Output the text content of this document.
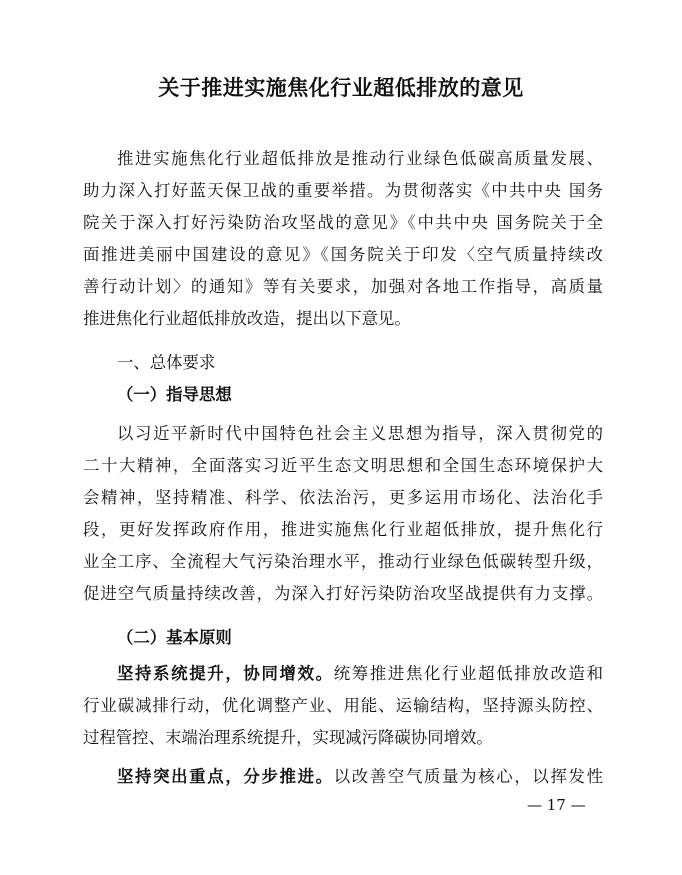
关于推进实施焦化行业超低排放的意见
推进实施焦化行业超低排放是推动行业绿色低碳高质量发展、
助力深入打好蓝天保卫战的重要举措。为贯彻落实《中共中央 国务
院关于深入打好污染防治攻坚战的意见》《中共中央 国务院关于全
面推进美丽中国建设的意见》《国务院关于印发〈空气质量持续改
善行动计划〉的通知》等有关要求，加强对各地工作指导，高质量
推进焦化行业超低排放改造，提出以下意见。
一、总体要求
（一）指导思想
以习近平新时代中国特色社会主义思想为指导，深入贯彻党的
二十大精神，全面落实习近平生态文明思想和全国生态环境保护大
会精神，坚持精准、科学、依法治污，更多运用市场化、法治化手
段，更好发挥政府作用，推进实施焦化行业超低排放，提升焦化行
业全工序、全流程大气污染治理水平，推动行业绿色低碳转型升级，
促进空气质量持续改善，为深入打好污染防治攻坚战提供有力支撑。
（二）基本原则
坚持系统提升，协同增效。统筹推进焦化行业超低排放改造和
行业碳减排行动，优化调整产业、用能、运输结构，坚持源头防控、
过程管控、末端治理系统提升，实现减污降碳协同增效。
坚持突出重点，分步推进。以改善空气质量为核心，以挥发性
— 17 —
